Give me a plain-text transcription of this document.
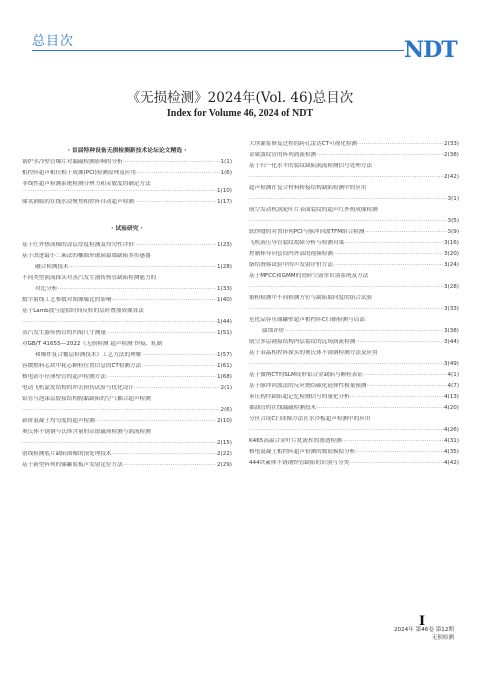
总目次	NDT
《无损检测》2024年(Vol. 46)总目次
Index for Volume 46, 2024 of NDT
· 首届特种设备无损检测新技术论坛论文精选 ·
锅炉水冷壁管爆片对漏磁检测影响的分析 ·····	1(1)
相控阵超声相位相干成像(PCI)检测原理及应用 ·····	1(6)
非线性超声检测系统检测分辨力和灵敏度的确定方法
·····
1(10)
储氢钢瓶的在线水浸聚焦相控阵自动超声检测 ·····	1(17)
· 试验研究 ·
基于红外热成像的涂层厚度检测及均匀性评价 ·····	1(23)
基于改进最小二乘法的椭圆形玻璃幕墙缺陷多传感器
融合检测技术 ·····	1(28)
不同类型涡流探头对蒸汽发生器传热管缺陷检测能力的
对比分析 ·····	1(33)
数字射线工艺参数对图像噪比的影响 ·····	1(40)
基于Lamb波与虚拟时间反转的层时叠加成像算法
·····
1(44)
蒸汽发生器传热管的凹痕尺寸测量 ·····	1(51)
对GB/T 41655—2022《无损检测 超声检测 焊接、轧制
和爆炸复合覆层检测技术》工艺方法的理解 ·····	1(57)
容微燃料芯块中耗芯颗粒位置信息的CT检测方法 ·····	1(61)
核电站小径薄壁管的超声检测方法 ·····	1(68)
电动飞机蒙皮结构的冲击损伤试验与优化设计 ·····	2(1)
铝管与泡沫层胶接结构脱黏缺陷的空气耦合超声检测
·····
2(6)
新拼混凝土均匀度的超声检测 ·····	2(10)
奥氏体不锈钢与氏体含量的杂散磁场检测与涡流检测
·····
2(15)
射线检测底片缺陷图像的预处理技术 ·····	2(22)
基于新型阵列的储罐底板声发射定位方法 ·····	2(29)
大坝灌浆修复过程的跨孔雷达CT可视化检测 ·····	2(33)
金属波纹管的阵列涡流检测 ·····	2(38)
基于归一化水平的裂纹缺陷涡流检测信号处理方法
·····
2(42)
超声检测在复合材料桥接结构缺陷检测中的应用
·····
3(1)
航空发动机涡轮叶片表面裂纹的超声红外热成像检测
·····
3(5)
软焊缝的对置串列PCI与脉冲回波TFM组合检测 ·····	3(9)
飞机液压导管裂纹故障分析与检测对策 ·····	3(16)
控制棒导向套筒内外部的视频检测 ·····	3(20)
脂结滑移试验中的声发射评价方法 ·····	3(24)
基于MFCC和GMM的瓷砖空鼓单识别系统及方法
·····
3(28)
锻粉检测中不同检测方位与缺陷取向度的组合试验
·····
3(33)
危化品容压储罐壁超声相控阵C扫描检测与局部
腐蚀评价 ·····	3(38)
航空多层钢接结构内层裂纹的远场涡流检测 ·····	3(44)
基于双晶相控阵探头的奥氏体不锈钢检测方法及应用
·····
3(49)
基于微纳CT的SLM成形铝合金缺陷与颗粒表征 ·····	4(1)
基于脉冲回波法的反应烧结碳化硅弹性模量预测 ·····	4(7)
承压构件缺陷超记忆检测信号的量化分析 ·····	4(13)
抽油管的在线漏磁检测技术 ·····	4(20)
分区合成C扫成像方法在水冷板超声检测中的应用
·····
4(26)
K465高温合金叶片扰流柱的渗透检测 ·····	4(31)
核电混凝土相控阵超声检测的数值模拟分析 ·····	4(35)
444铁素体不锈钢焊管缺陷的识别与分类 ·····	4(42)
I
2024年 第46卷 第12期
无损检测
